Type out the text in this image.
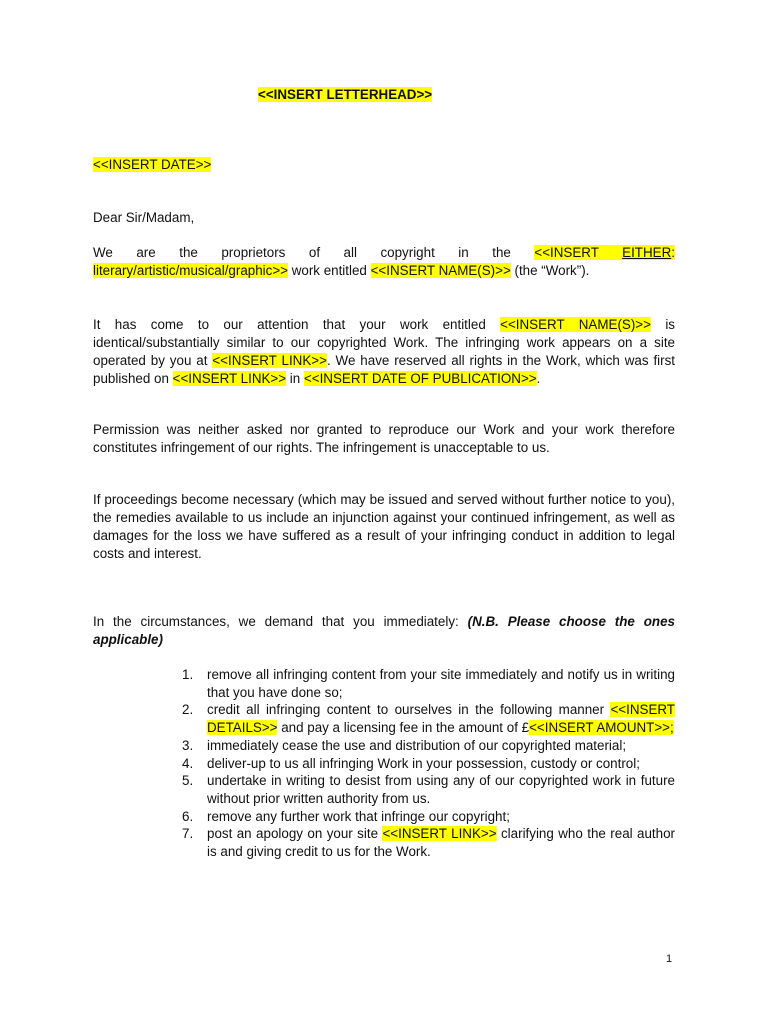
<<INSERT LETTERHEAD>>
<<INSERT DATE>>
Dear Sir/Madam,
We are the proprietors of all copyright in the <<INSERT EITHER: literary/artistic/musical/graphic>> work entitled <<INSERT NAME(S)>> (the “Work”).
It has come to our attention that your work entitled <<INSERT NAME(S)>> is identical/substantially similar to our copyrighted Work. The infringing work appears on a site operated by you at <<INSERT LINK>>. We have reserved all rights in the Work, which was first published on <<INSERT LINK>> in <<INSERT DATE OF PUBLICATION>>.
Permission was neither asked nor granted to reproduce our Work and your work therefore constitutes infringement of our rights. The infringement is unacceptable to us.
If proceedings become necessary (which may be issued and served without further notice to you), the remedies available to us include an injunction against your continued infringement, as well as damages for the loss we have suffered as a result of your infringing conduct in addition to legal costs and interest.
In the circumstances, we demand that you immediately: (N.B. Please choose the ones applicable)
1. remove all infringing content from your site immediately and notify us in writing that you have done so;
2. credit all infringing content to ourselves in the following manner <<INSERT DETAILS>> and pay a licensing fee in the amount of £<<INSERT AMOUNT>>;
3. immediately cease the use and distribution of our copyrighted material;
4. deliver-up to us all infringing Work in your possession, custody or control;
5. undertake in writing to desist from using any of our copyrighted work in future without prior written authority from us.
6. remove any further work that infringe our copyright;
7. post an apology on your site <<INSERT LINK>> clarifying who the real author is and giving credit to us for the Work.
1
